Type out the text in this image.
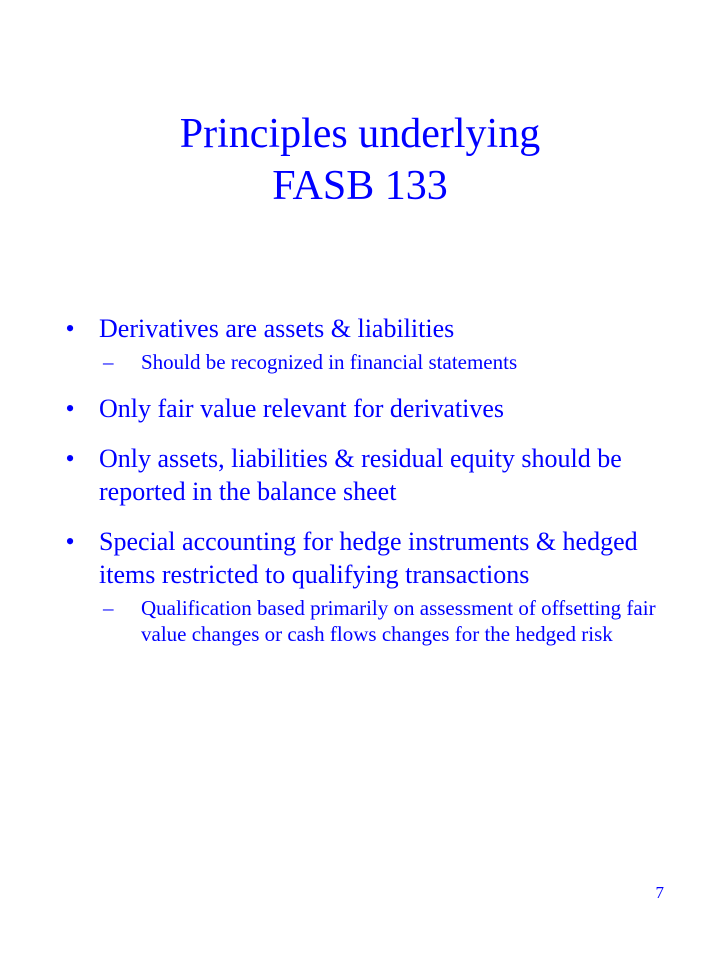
Principles underlying
FASB 133
• Derivatives are assets & liabilities
– Should be recognized in financial statements
• Only fair value relevant for derivatives
• Only assets, liabilities & residual equity should be reported in the balance sheet
• Special accounting for hedge instruments & hedged items restricted to qualifying transactions
– Qualification based primarily on assessment of offsetting fair value changes or cash flows changes for the hedged risk
7
